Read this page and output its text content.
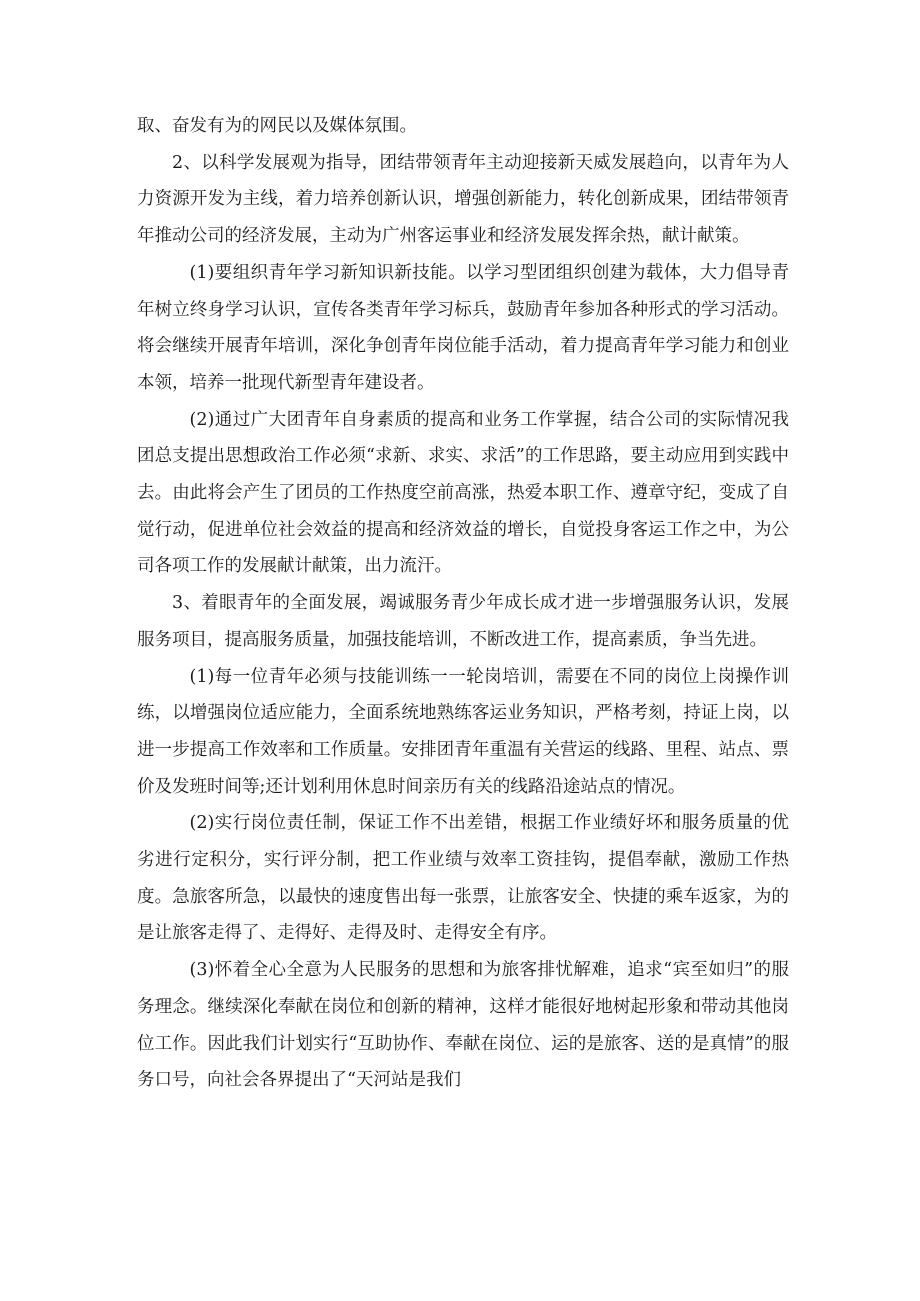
取、奋发有为的网民以及媒体氛围。

2、以科学发展观为指导，团结带领青年主动迎接新天威发展趋向，以青年为人力资源开发为主线，着力培养创新认识，增强创新能力，转化创新成果，团结带领青年推动公司的经济发展，主动为广州客运事业和经济发展发挥余热，献计献策。

(1)要组织青年学习新知识新技能。以学习型团组织创建为载体，大力倡导青年树立终身学习认识，宣传各类青年学习标兵，鼓励青年参加各种形式的学习活动。将会继续开展青年培训，深化争创青年岗位能手活动，着力提高青年学习能力和创业本领，培养一批现代新型青年建设者。

(2)通过广大团青年自身素质的提高和业务工作掌握，结合公司的实际情况我团总支提出思想政治工作必须“求新、求实、求活”的工作思路，要主动应用到实践中去。由此将会产生了团员的工作热度空前高涨，热爱本职工作、遵章守纪，变成了自觉行动，促进单位社会效益的提高和经济效益的增长，自觉投身客运工作之中，为公司各项工作的发展献计献策，出力流汗。

3、着眼青年的全面发展，竭诚服务青少年成长成才进一步增强服务认识，发展服务项目，提高服务质量，加强技能培训，不断改进工作，提高素质，争当先进。

(1)每一位青年必须与技能训练一一轮岗培训，需要在不同的岗位上岗操作训练，以增强岗位适应能力，全面系统地熟练客运业务知识，严格考刻，持证上岗，以进一步提高工作效率和工作质量。安排团青年重温有关营运的线路、里程、站点、票价及发班时间等;还计划利用休息时间亲历有关的线路沿途站点的情况。

(2)实行岗位责任制，保证工作不出差错，根据工作业绩好坏和服务质量的优劣进行定积分，实行评分制，把工作业绩与效率工资挂钩，提倡奉献，激励工作热度。急旅客所急，以最快的速度售出每一张票，让旅客安全、快捷的乘车返家，为的是让旅客走得了、走得好、走得及时、走得安全有序。

(3)怀着全心全意为人民服务的思想和为旅客排忧解难，追求“宾至如归”的服务理念。继续深化奉献在岗位和创新的精神，这样才能很好地树起形象和带动其他岗位工作。因此我们计划实行“互助协作、奉献在岗位、运的是旅客、送的是真情”的服务口号，向社会各界提出了“天河站是我们
